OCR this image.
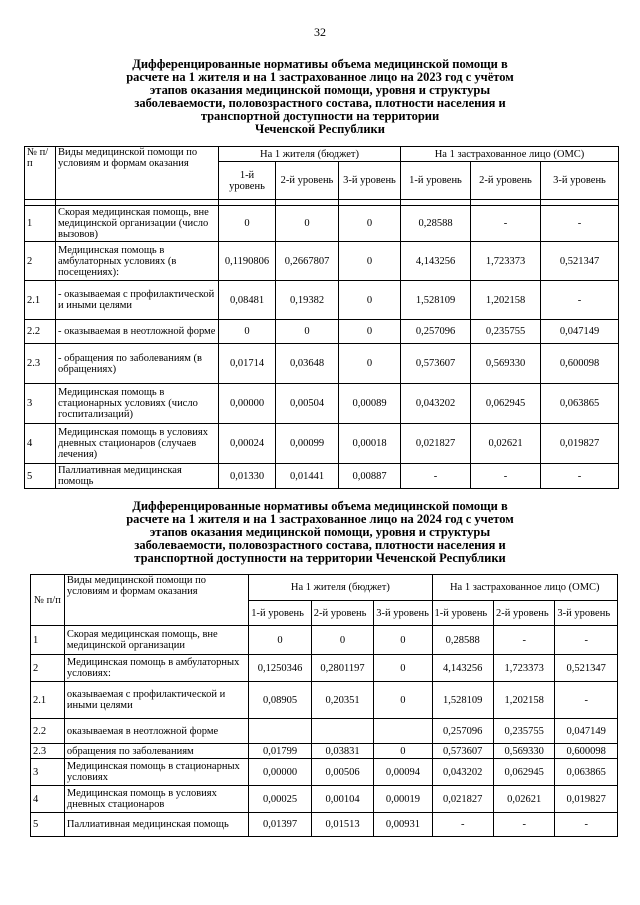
32
Дифференцированные нормативы объема медицинской помощи в
расчете на 1 жителя и на 1 застрахованное лицо на 2023 год с учётом
этапов оказания медицинской помощи, уровня и структуры
заболеваемости, половозрастного состава, плотности населения и
транспортной доступности на территории
Чеченской Республики
№ п/ п	Виды медицинской помощи по условиям и формам оказания	На 1 жителя (бюджет)			На 1 застрахованное лицо (ОМС)		
		1-й уровень	2-й уровень	3-й уровень	1-й уровень	2-й уровень	3-й уровень

1	Скорая медицинская помощь, вне медицинской организации (число вызовов)	0	0	0	0,28588	-	-
2	Медицинская помощь в амбулаторных условиях (в посещениях):	0,1190806	0,2667807	0	4,143256	1,723373	0,521347
2.1	- оказываемая с профилактической и иными целями	0,08481	0,19382	0	1,528109	1,202158	-
2.2	- оказываемая в неотложной форме	0	0	0	0,257096	0,235755	0,047149
2.3	- обращения по заболеваниям (в обращениях)	0,01714	0,03648	0	0,573607	0,569330	0,600098
3	Медицинская помощь в стационарных условиях (число госпитализаций)	0,00000	0,00504	0,00089	0,043202	0,062945	0,063865
4	Медицинская помощь в условиях дневных стационаров (случаев лечения)	0,00024	0,00099	0,00018	0,021827	0,02621	0,019827
5	Паллиативная медицинская помощь	0,01330	0,01441	0,00887	-	-	-
Дифференцированные нормативы объема медицинской помощи в
расчете на 1 жителя и на 1 застрахованное лицо на 2024 год с учетом
этапов оказания медицинской помощи, уровня и структуры
заболеваемости, половозрастного состава, плотности населения и
транспортной доступности на территории Чеченской Республики
№ п/п	Виды медицинской помощи по условиям и формам оказания	На 1 жителя (бюджет)			На 1 застрахованное лицо (ОМС)		
		1-й уровень	2-й уровень	3-й уровень	1-й уровень	2-й уровень	3-й уровень
1	Скорая медицинская помощь, вне медицинской организации	0	0	0	0,28588	-	-
2	Медицинская помощь в амбулаторных условиях:	0,1250346	0,2801197	0	4,143256	1,723373	0,521347
2.1	оказываемая с профилактической и иными целями	0,08905	0,20351	0	1,528109	1,202158	-
2.2	оказываемая в неотложной форме				0,257096	0,235755	0,047149
2.3	обращения по заболеваниям	0,01799	0,03831	0	0,573607	0,569330	0,600098
3	Медицинская помощь в стационарных условиях	0,00000	0,00506	0,00094	0,043202	0,062945	0,063865
4	Медицинская помощь в условиях дневных стационаров	0,00025	0,00104	0,00019	0,021827	0,02621	0,019827
5	Паллиативная медицинская помощь	0,01397	0,01513	0,00931	-	-	-
